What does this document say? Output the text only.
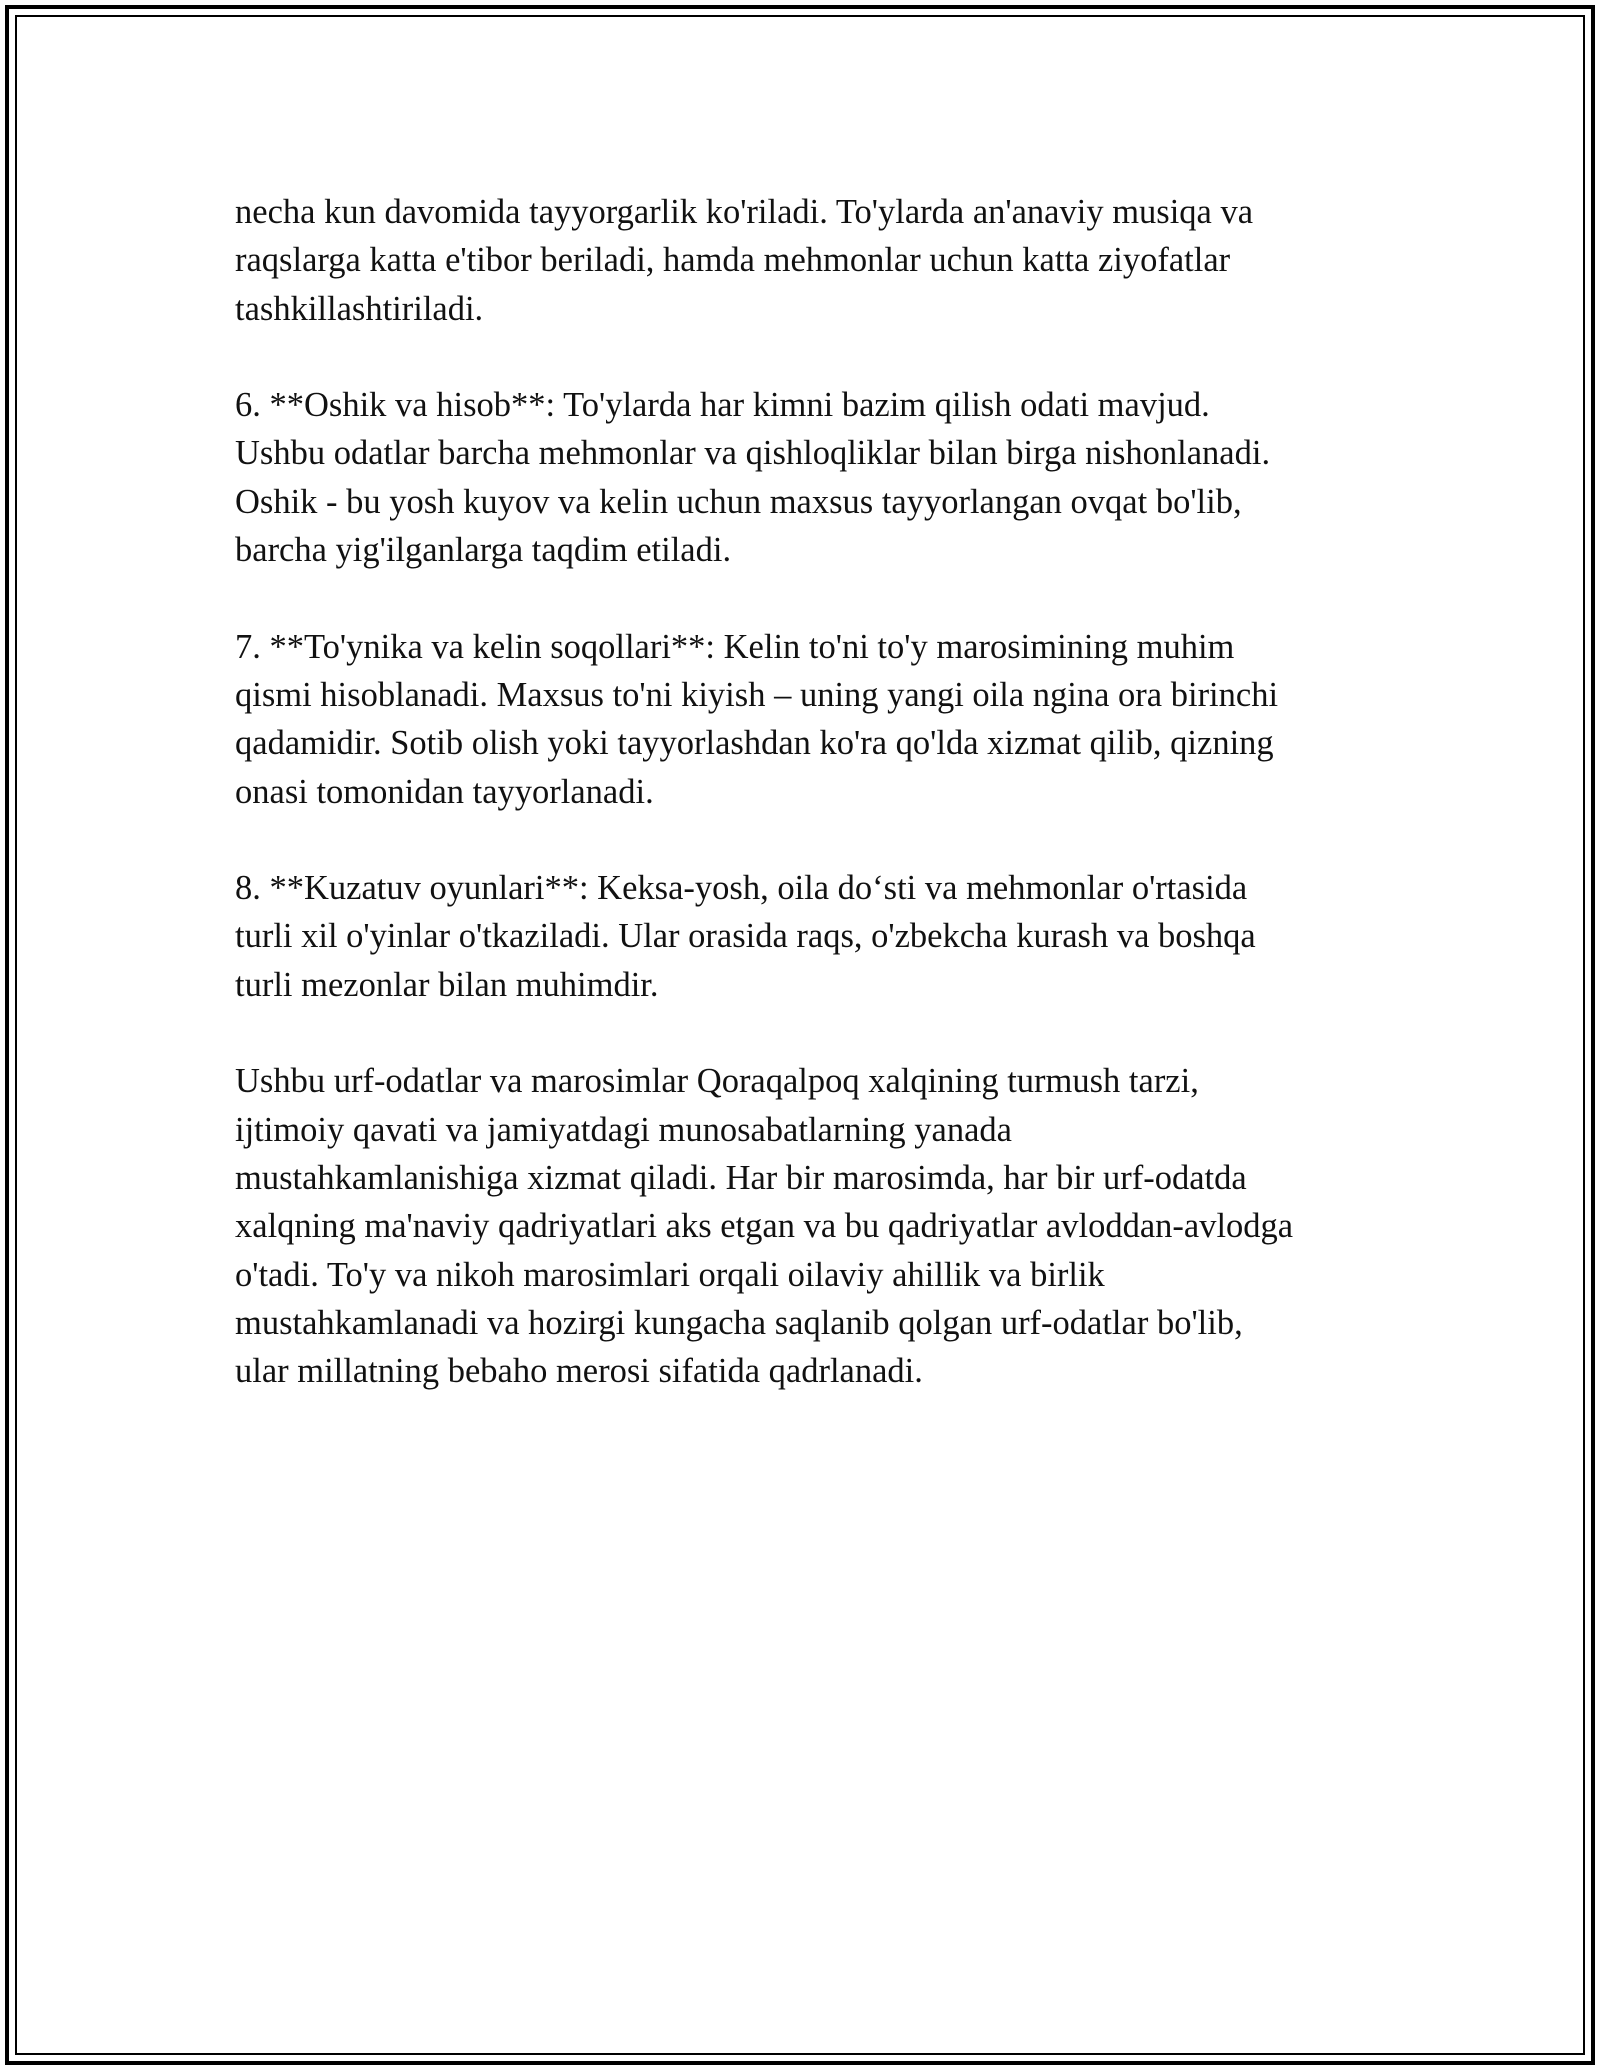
necha kun davomida tayyorgarlik ko'riladi. To'ylarda an'anaviy musiqa va
raqslarga katta e'tibor beriladi, hamda mehmonlar uchun katta ziyofatlar
tashkillashtiriladi.

6. **Oshik va hisob**: To'ylarda har kimni bazim qilish odati mavjud.
Ushbu odatlar barcha mehmonlar va qishloqliklar bilan birga nishonlanadi.
Oshik - bu yosh kuyov va kelin uchun maxsus tayyorlangan ovqat bo'lib,
barcha yig'ilganlarga taqdim etiladi.

7. **To'ynika va kelin soqollari**: Kelin to'ni to'y marosimining muhim
qismi hisoblanadi. Maxsus to'ni kiyish – uning yangi oila ngina ora birinchi
qadamidir. Sotib olish yoki tayyorlashdan ko'ra qo'lda xizmat qilib, qizning
onasi tomonidan tayyorlanadi.

8. **Kuzatuv oyunlari**: Keksa-yosh, oila do‘sti va mehmonlar o'rtasida
turli xil o'yinlar o'tkaziladi. Ular orasida raqs, o'zbekcha kurash va boshqa
turli mezonlar bilan muhimdir.

Ushbu urf-odatlar va marosimlar Qoraqalpoq xalqining turmush tarzi,
ijtimoiy qavati va jamiyatdagi munosabatlarning yanada
mustahkamlanishiga xizmat qiladi. Har bir marosimda, har bir urf-odatda
xalqning ma'naviy qadriyatlari aks etgan va bu qadriyatlar avloddan-avlodga
o'tadi. To'y va nikoh marosimlari orqali oilaviy ahillik va birlik
mustahkamlanadi va hozirgi kungacha saqlanib qolgan urf-odatlar bo'lib,
ular millatning bebaho merosi sifatida qadrlanadi.
